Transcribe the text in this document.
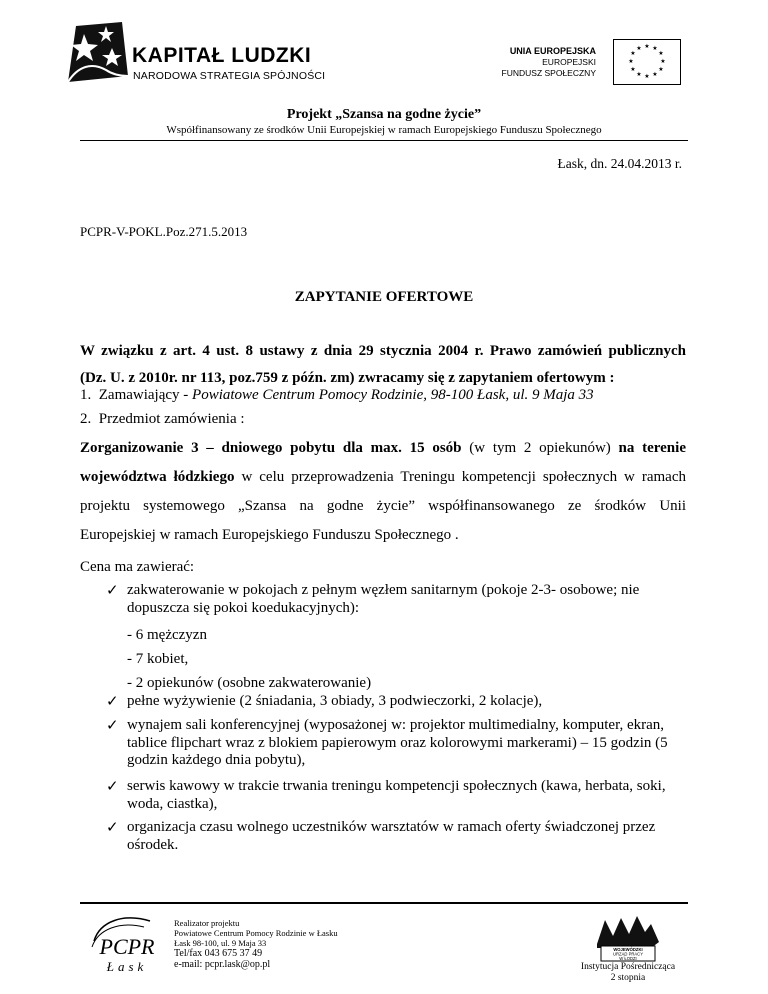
KAPITAŁ LUDZKI
NARODOWA STRATEGIA SPÓJNOŚCI
UNIA EUROPEJSKA
EUROPEJSKI
FUNDUSZ SPOŁECZNY
★ ★
★
★
★
★
★
★
★
★
★
★
Projekt „Szansa na godne życie”
Współfinansowany ze środków Unii Europejskiej w ramach Europejskiego Funduszu Społecznego
Łask, dn. 24.04.2013 r.
PCPR-V-POKL.Poz.271.5.2013
ZAPYTANIE OFERTOWE
W związku z art. 4 ust. 8 ustawy z dnia 29 stycznia 2004 r. Prawo zamówień publicznych
(Dz. U. z 2010r. nr 113, poz.759 z późn. zm) zwracamy się z zapytaniem ofertowym :
1. Zamawiający - Powiatowe Centrum Pomocy Rodzinie, 98-100 Łask, ul. 9 Maja 33
2. Przedmiot zamówienia :
Zorganizowanie 3 – dniowego pobytu dla max. 15 osób (w tym 2 opiekunów) na terenie
województwa łódzkiego w celu przeprowadzenia Treningu kompetencji społecznych w ramach
projektu systemowego „Szansa na godne życie” współfinansowanego ze środków Unii
Europejskiej w ramach Europejskiego Funduszu Społecznego .
Cena ma zawierać:
✓ zakwaterowanie w pokojach z pełnym węzłem sanitarnym (pokoje 2-3- osobowe; nie dopuszcza się pokoi koedukacyjnych):
- 6 mężczyzn
- 7 kobiet,
- 2 opiekunów (osobne zakwaterowanie)
✓ pełne wyżywienie (2 śniadania, 3 obiady, 3 podwieczorki, 2 kolacje),
✓ wynajem sali konferencyjnej (wyposażonej w: projektor multimedialny, komputer, ekran, tablice flipchart wraz z blokiem papierowym oraz kolorowymi markerami) – 15 godzin (5 godzin każdego dnia pobytu),
✓ serwis kawowy w trakcie trwania treningu kompetencji społecznych (kawa, herbata, soki, woda, ciastka),
✓ organizacja czasu wolnego uczestników warsztatów w ramach oferty świadczonej przez ośrodek.
PCPR
Łask
Realizator projektu
Powiatowe Centrum Pomocy Rodzinie w Łasku
Łask 98-100, ul. 9 Maja 33
Tel/fax 043 675 37 49
e-mail: pcpr.lask@op.pl
WOJEWÓDZKI
URZĄD PRACY
W ŁODZI
Instytucja Pośrednicząca
2 stopnia
